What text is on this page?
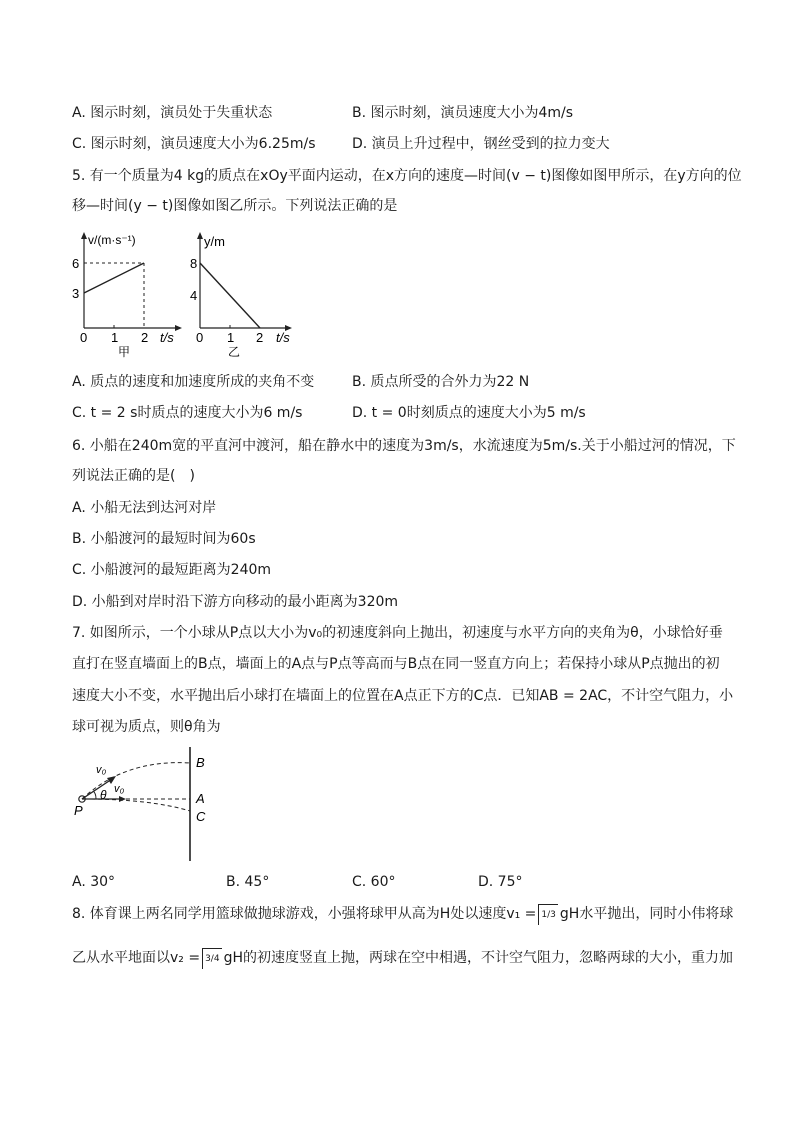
A. 图示时刻，演员处于失重状态	B. 图示时刻，演员速度大小为4m/s
C. 图示时刻，演员速度大小为6.25m/s	D. 演员上升过程中，钢丝受到的拉力变大
5. 有一个质量为4 kg的质点在xOy平面内运动，在x方向的速度—时间(v − t)图像如图甲所示，在y方向的位
移—时间(y − t)图像如图乙所示。下列说法正确的是
v/(m·s⁻¹)
6
3
0 1 2 t/s
甲
y/m
8
4
0 1 2 t/s
乙
A. 质点的速度和加速度所成的夹角不变	B. 质点所受的合外力为22 N
C. t = 2 s时质点的速度大小为6 m/s	D. t = 0时刻质点的速度大小为5 m/s
6. 小船在240m宽的平直河中渡河，船在静水中的速度为3m/s，水流速度为5m/s.关于小船过河的情况，下
列说法正确的是(　)
A. 小船无法到达河对岸
B. 小船渡河的最短时间为60s
C. 小船渡河的最短距离为240m
D. 小船到对岸时沿下游方向移动的最小距离为320m
7. 如图所示，一个小球从P点以大小为v₀的初速度斜向上抛出，初速度与水平方向的夹角为θ，小球恰好垂
直打在竖直墙面上的B点，墙面上的A点与P点等高而与B点在同一竖直方向上；若保持小球从P点抛出的初
速度大小不变，水平抛出后小球打在墙面上的位置在A点正下方的C点．已知AB = 2AC，不计空气阻力，小
球可视为质点，则θ角为
B
A
C
P
θ
v₀
v₀
A. 30°	B. 45°	C. 60°	D. 75°
8. 体育课上两名同学用篮球做抛球游戏，小强将球甲从高为H处以速度v₁ = 1/3 gH水平抛出，同时小伟将球
乙从水平地面以v₂ = 3/4 gH的初速度竖直上抛，两球在空中相遇，不计空气阻力，忽略两球的大小，重力加
